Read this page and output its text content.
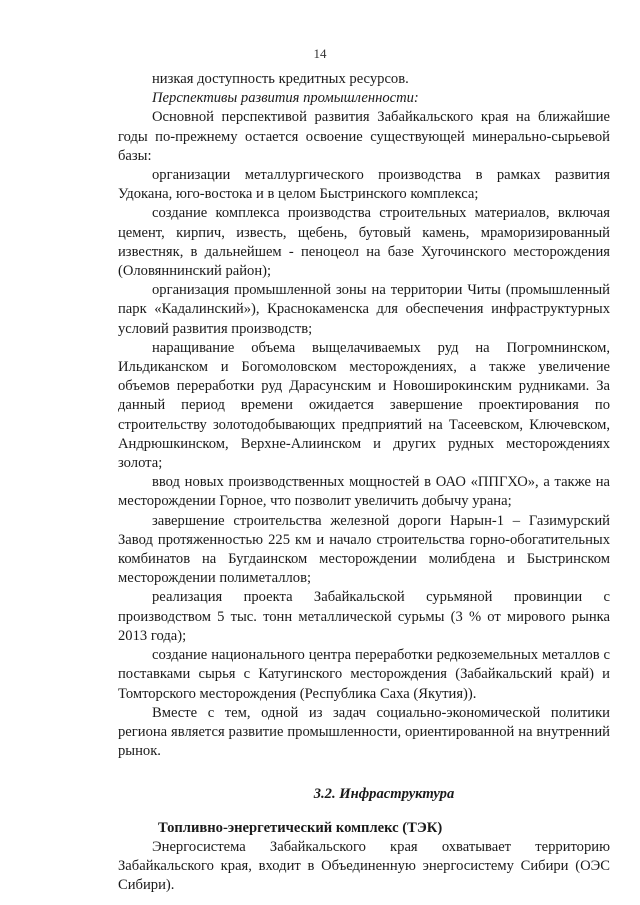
14

низкая доступность кредитных ресурсов.

Перспективы развития промышленности:

Основной перспективой развития Забайкальского края на ближайшие годы по-прежнему остается освоение существующей минерально-сырьевой базы:

организации металлургического производства в рамках развития Удокана, юго-востока и в целом Быстринского комплекса;

создание комплекса производства строительных материалов, включая цемент, кирпич, известь, щебень, бутовый камень, мраморизированный известняк, в дальнейшем - пеноцеол на базе Хугочинского месторождения (Оловяннинский район);

организация промышленной зоны на территории Читы (промышленный парк «Кадалинский»), Краснокаменска для обеспечения инфраструктурных условий развития производств;

наращивание объема выщелачиваемых руд на Погромнинском, Ильдиканском и Богомоловском месторождениях, а также увеличение объемов переработки руд Дарасунским и Новоширокинским рудниками. За данный период времени ожидается завершение проектирования по строительству золотодобывающих предприятий на Тасеевском, Ключевском, Андрюшкинском, Верхне-Алиинском и других рудных месторождениях золота;

ввод новых производственных мощностей в ОАО «ППГХО», а также на месторождении Горное, что позволит увеличить добычу урана;

завершение строительства железной дороги Нарын-1 – Газимурский Завод протяженностью 225 км и начало строительства горно-обогатительных комбинатов на Бугдаинском месторождении молибдена и Быстринском месторождении полиметаллов;

реализация проекта Забайкальской сурьмяной провинции с производством 5 тыс. тонн металлической сурьмы (3 % от мирового рынка 2013 года);

создание национального центра переработки редкоземельных металлов с поставками сырья с Катугинского месторождения (Забайкальский край) и Томторского месторождения (Республика Саха (Якутия)).

Вместе с тем, одной из задач социально-экономической политики региона является развитие промышленности, ориентированной на внутренний рынок.

3.2. Инфраструктура

Топливно-энергетический комплекс (ТЭК)

Энергосистема Забайкальского края охватывает территорию Забайкальского края, входит в Объединенную энергосистему Сибири (ОЭС Сибири).
